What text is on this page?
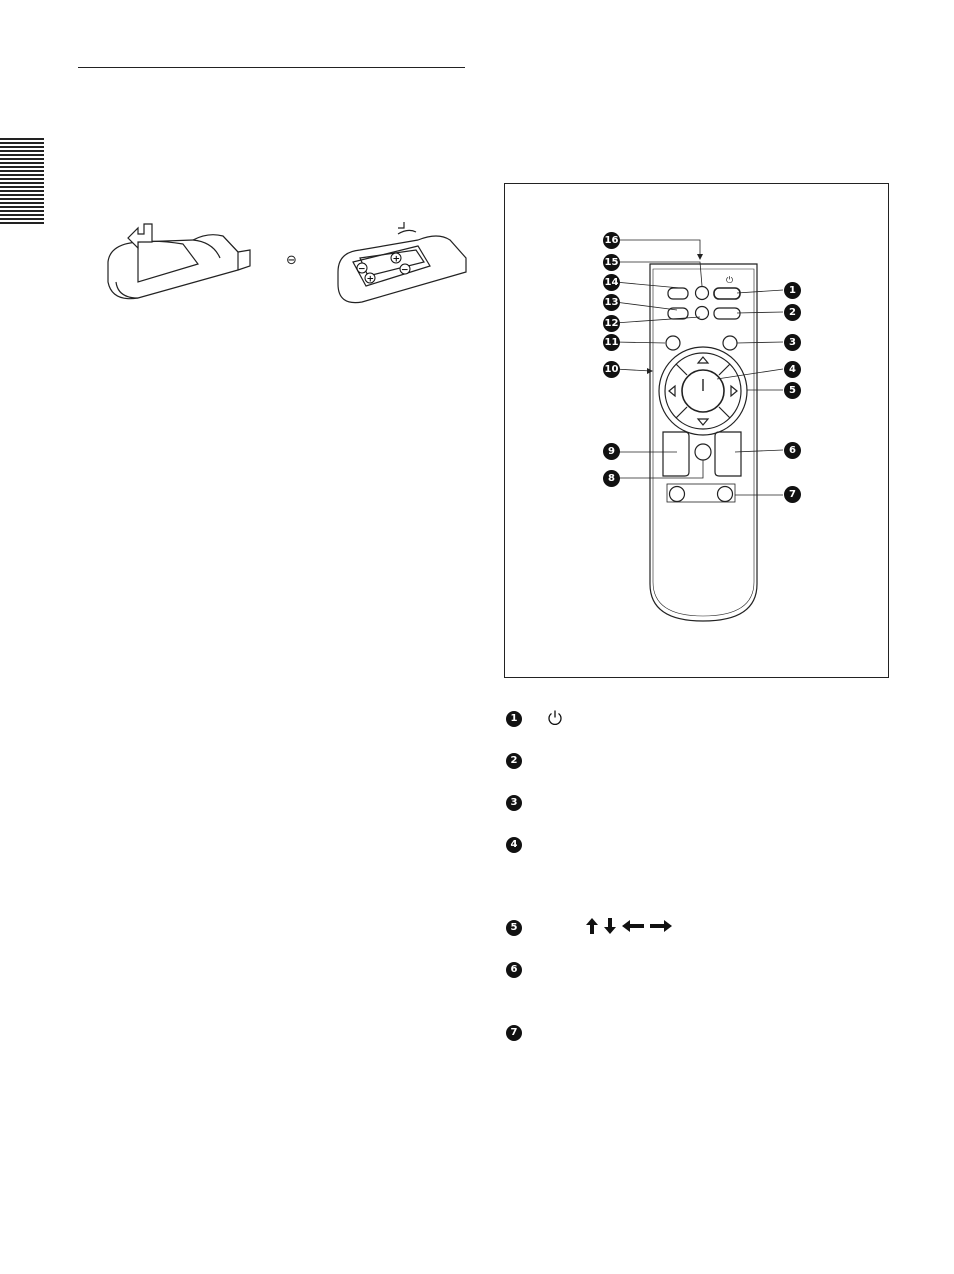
⊖	+
−
−
+	⏻
16
15
14
13
12
11
10
9
8
1
2
3
4
5
6
7
1
2
3
4
5

6
7
